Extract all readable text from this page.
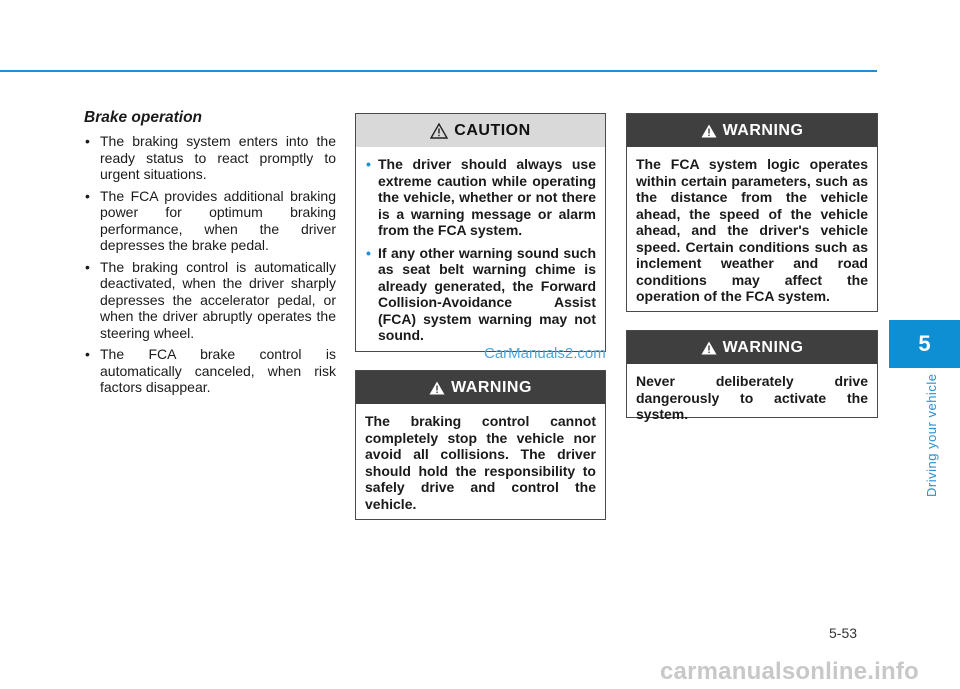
Brake operation
• The braking system enters into the ready status to react promptly to urgent situations.
• The FCA provides additional braking power for optimum braking performance, when the driver depresses the brake pedal.
• The braking control is automatically deactivated, when the driver sharply depresses the accelerator pedal, or when the driver abruptly operates the steering wheel.
• The FCA brake control is automatically canceled, when risk factors disappear.
CAUTION
• The driver should always use extreme caution while operating the vehicle, whether or not there is a warning message or alarm from the FCA system.
• If any other warning sound such as seat belt warning chime is already generated, the Forward Collision-Avoidance Assist (FCA) system warning may not sound.
WARNING
The braking control cannot completely stop the vehicle nor avoid all collisions. The driver should hold the responsibility to safely drive and control the vehicle.
WARNING
The FCA system logic operates within certain parameters, such as the distance from the vehicle ahead, the speed of the vehicle ahead, and the driver's vehicle speed. Certain conditions such as inclement weather and road conditions may affect the operation of the FCA system.
WARNING
Never deliberately drive dangerously to activate the system.
5
Driving your vehicle
5-53
CarManuals2.com
carmanualsonline.info
